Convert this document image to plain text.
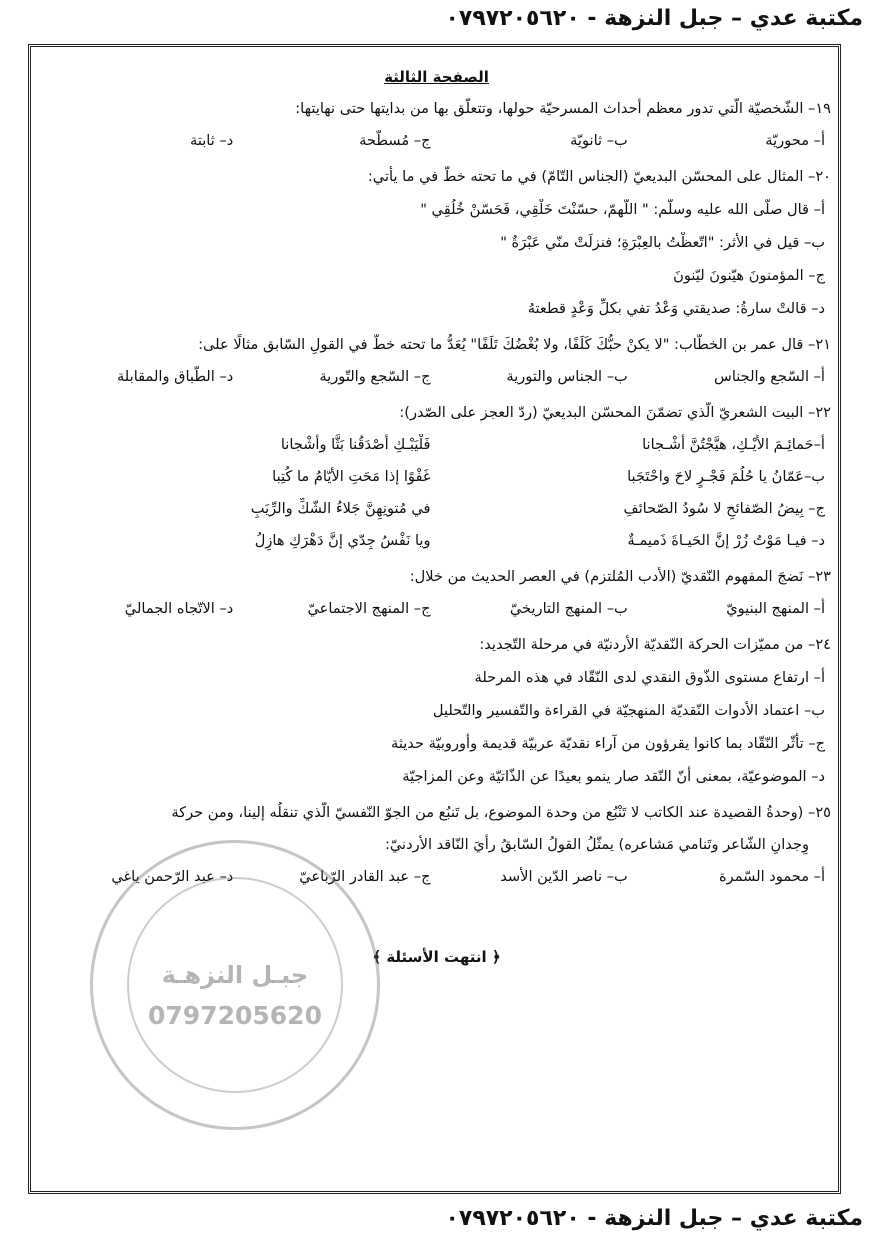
مكتبة عدي – جبل النزهة - ٠٧٩٧٢٠٥٦٢٠
الصفحة الثالثة

١٩– الشّخصيّة الّتي تدور معظم أحداث المسرحيّة حولها، وتتعلّق بها من بدايتها حتى نهايتها:

أ– محوريّة
ب– ثانويّة
ج– مُسطّحة
د– ثابتة

٢٠– المثال على المحسّن البديعيّ (الجناس التّامّ) في ما تحته خطّ في ما يأتي:

أ– قال صلّى الله عليه وسلّم: " اللّهمّ، حسّنْتَ خَلْقِي، فَحَسّنْ خُلُقِي "
ب– قيل في الأثر: "اتّعظْتُ بالعِبْرَةِ؛ فنزلَتْ منّي عَبْرَةٌ "
ج– المؤمنونَ هيّنونَ ليّنونَ
د– قالتْ سارةُ: صديقتي وَعْدُ تفي بكلِّ وَعْدٍ قطعتهُ

٢١– قال عمر بن الخطّاب: "لا يكنْ حبُّكَ كَلَفًا، ولا بُغْضُكَ تَلَفًا" يُعَدُّ ما تحته خطّ في القولِ السّابق مثالًا على:

أ– السّجع والجناس
ب– الجناس والتورية
ج– السّجع والتّورية
د– الطّباق والمقابلة

٢٢– البيت الشعريّ الّذي تضمّنَ المحسّن البديعيّ (ردّ العجز على الصّدر):

أ–حَمائِـمَ الأَيْـكِ، هيَّجْتُنَّ أشْـجانا
فَلْيَبْـكِ أصْدَقُنا بَثًّا وأَشْجانا
ب–عَمّانُ يا حُلُمَ فَجْـرٍ لاحَ واحْتَجَبا
غَفْوًا إذا مَحَتِ الأيّامُ ما كُتِبا
ج– بِيضُ الصّفائحِ لا سُودُ الصّحائفِ
في مُتونِهِنَّ جَلاءُ الشّكِّ والرِّيَبِ
د– فيـا مَوْتُ زُرْ إنَّ الحَيـاةَ ذَميمـةٌ
ويا نَفْسُ جِدّي إنَّ دَهْرَكِ هازِلُ

٢٣– نَضجَ المفهوم النّقديّ (الأدب المُلتزم) في العصر الحديث من خلال:

أ– المنهج البنيويّ
ب– المنهج التاريخيّ
ج– المنهج الاجتماعيّ
د– الاتّجاه الجماليّ

٢٤– من مميّزات الحركة النّقديّة الأردنيّة في مرحلة التّجديد:

أ– ارتفاع مستوى الذّوق النقدي لدى النّقّاد في هذه المرحلة
ب– اعتماد الأدوات النّقديّة المنهجيّة في القراءة والتّفسير والتّحليل
ج– تأثّر النّقّاد بما كانوا يقرؤون من آراء نقديّة عربيّة قديمة وأوروبيّة حديثة
د– الموضوعيّة، بمعنى أنّ النّقد صار ينمو بعيدًا عن الذّاتيّة وعن المزاجيّة

٢٥– (وحدةُ القصيدة عند الكاتب لا تَنْبُع من وحدة الموضوع، بل تَنبُع من الجوّ النّفسيّ الّذي تنقلُه إلينا، ومن حركة

وِجدانِ الشّاعر وتَنامي مَشاعره) يمثّلُ القولُ السّابقُ رأيَ النّاقد الأردنيّ:

أ– محمود السّمرة
ب– ناصر الدّين الأسد
ج– عبد القادر الرّباعيّ
د– عبد الرّحمن ياغي
﴿ انتهت الأسئلة ﴾
جبـل النزهـة
0797205620
مكتبة عدي – جبل النزهة - ٠٧٩٧٢٠٥٦٢٠
